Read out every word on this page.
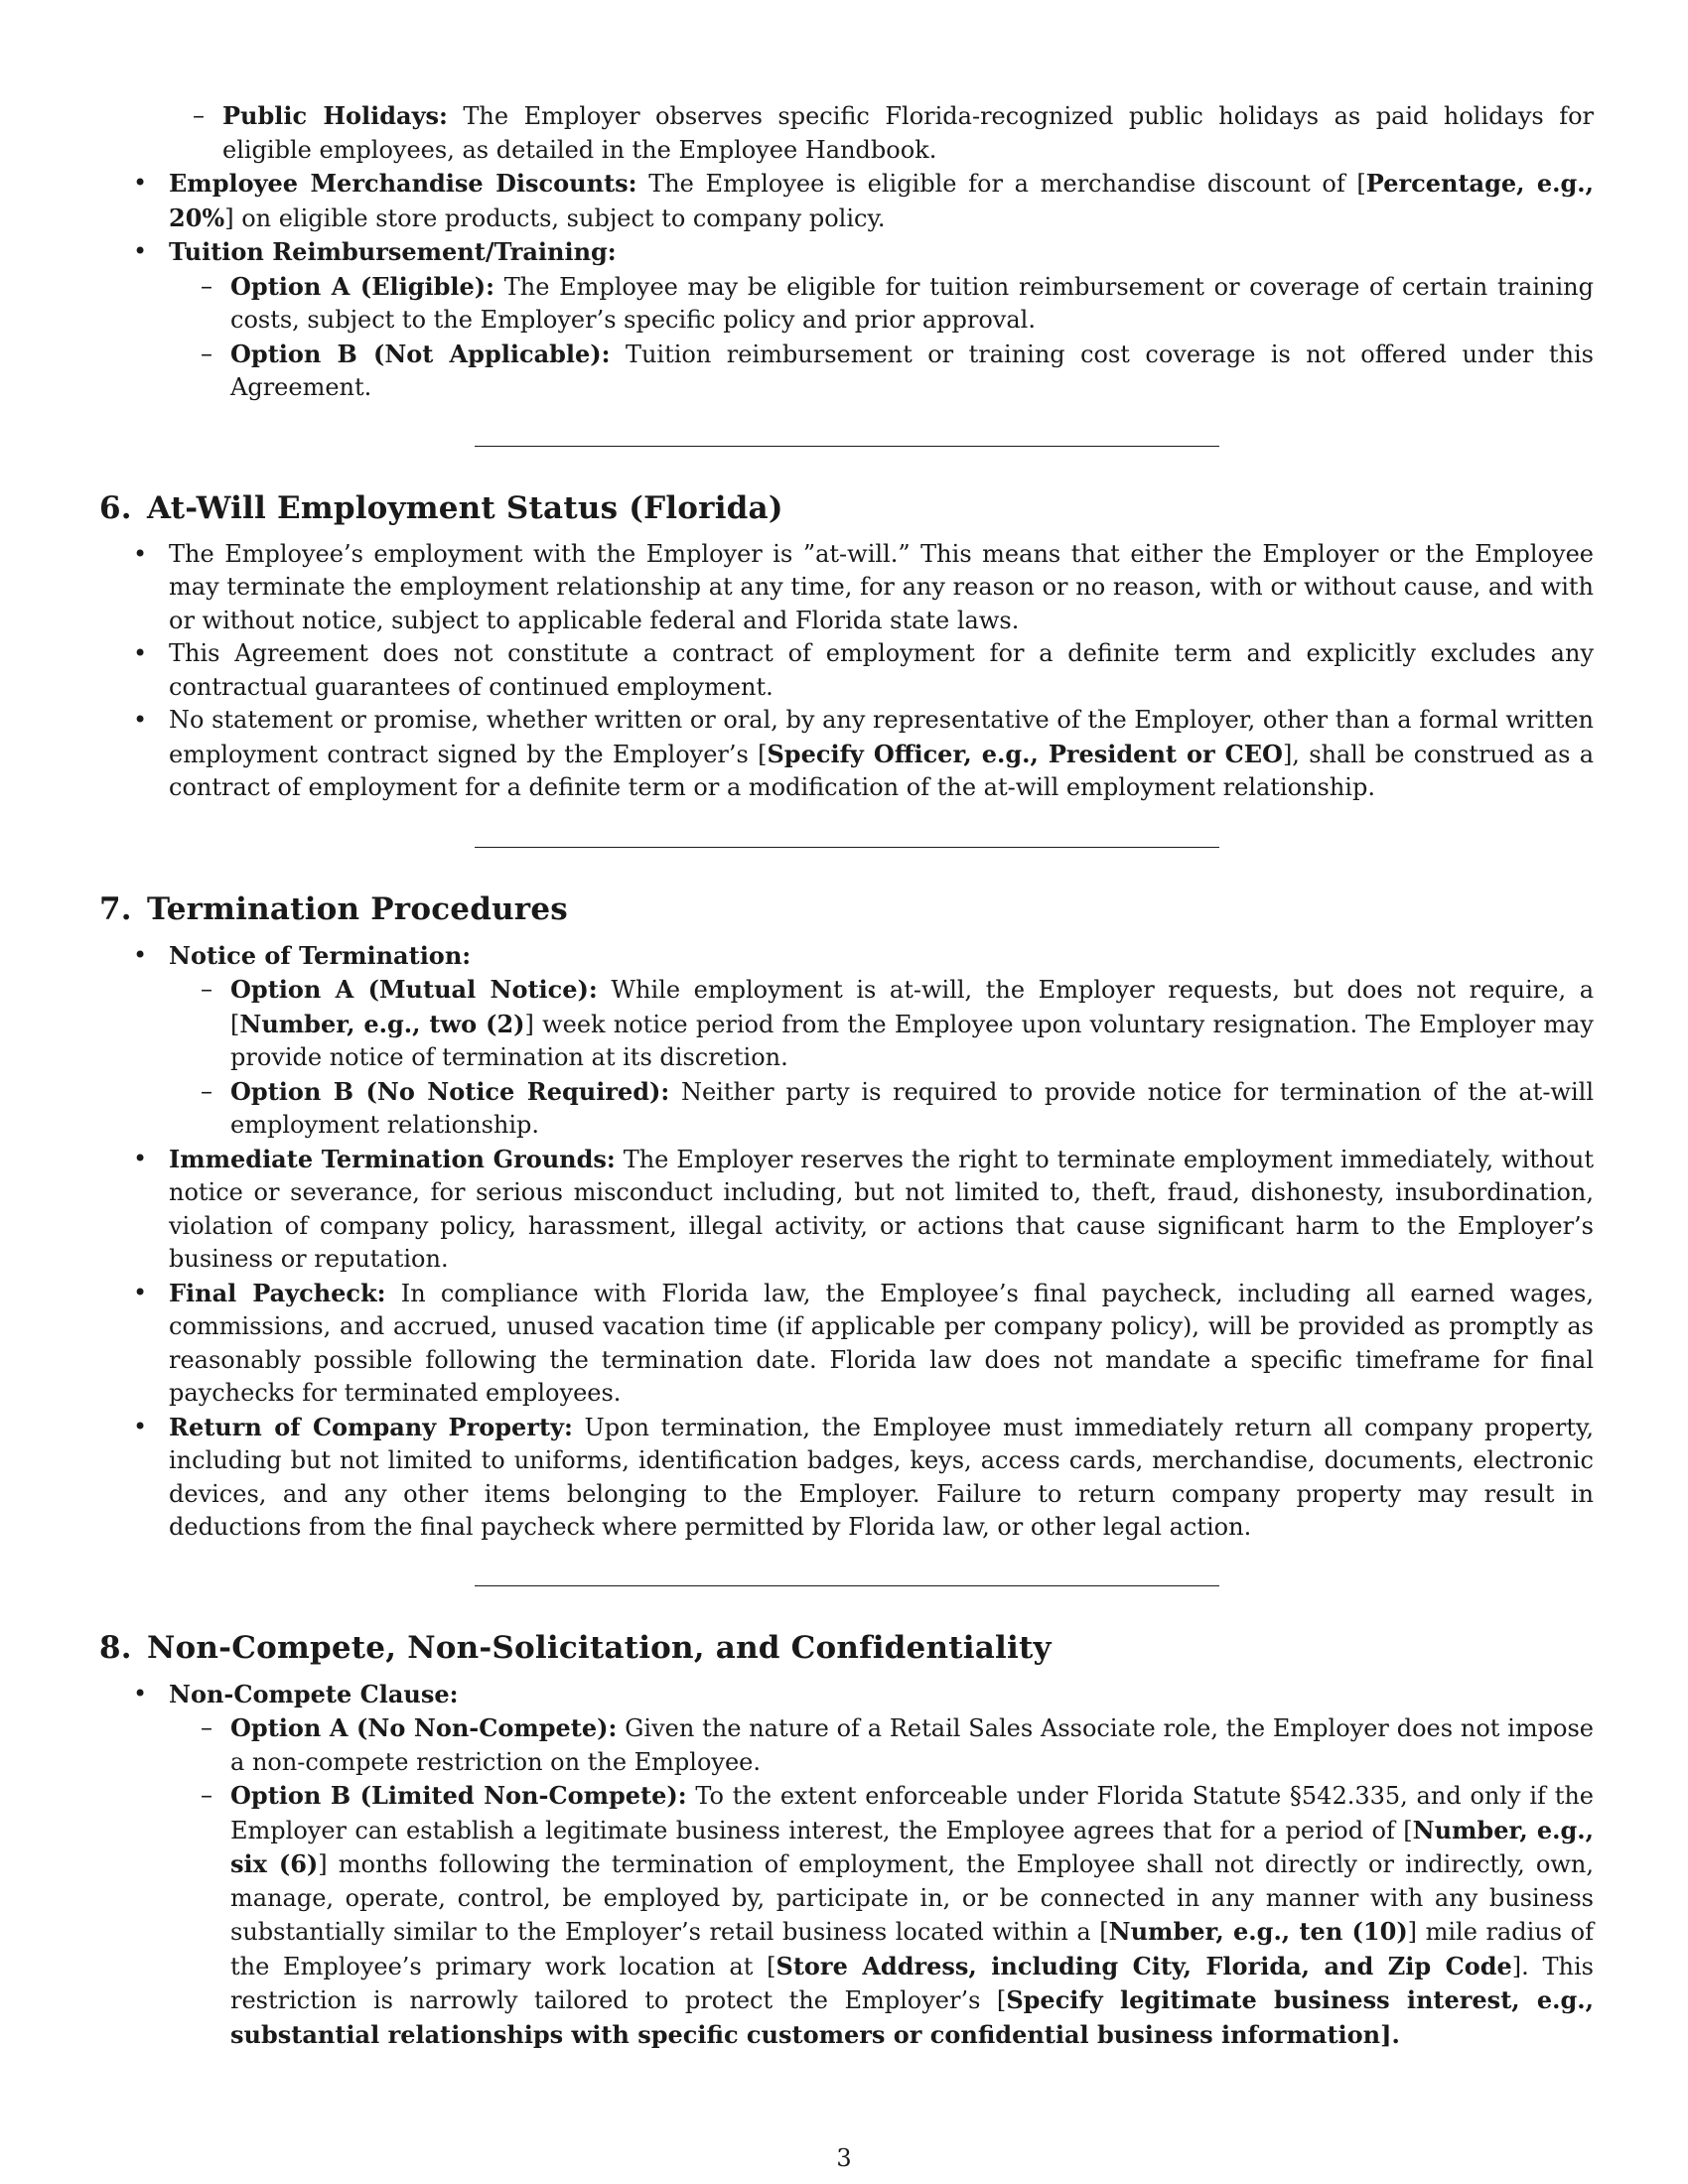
– Public Holidays: The Employer observes specific Florida-recognized public holidays as paid holidays for eligible employees, as detailed in the Employee Handbook.
• Employee Merchandise Discounts: The Employee is eligible for a merchandise discount of [Percentage, e.g., 20%] on eligible store products, subject to company policy.
• Tuition Reimbursement/Training:
– Option A (Eligible): The Employee may be eligible for tuition reimbursement or coverage of certain training costs, subject to the Employer’s specific policy and prior approval.
– Option B (Not Applicable): Tuition reimbursement or training cost coverage is not offered under this Agreement.
6. At-Will Employment Status (Florida)
• The Employee’s employment with the Employer is ”at-will.” This means that either the Employer or the Employee may terminate the employment relationship at any time, for any reason or no reason, with or without cause, and with or without notice, subject to applicable federal and Florida state laws.
• This Agreement does not constitute a contract of employment for a definite term and explicitly excludes any contractual guarantees of continued employment.
• No statement or promise, whether written or oral, by any representative of the Employer, other than a formal written employment contract signed by the Employer’s [Specify Officer, e.g., President or CEO], shall be construed as a contract of employment for a definite term or a modification of the at-will employment relationship.
7. Termination Procedures
• Notice of Termination:
– Option A (Mutual Notice): While employment is at-will, the Employer requests, but does not require, a [Number, e.g., two (2)] week notice period from the Employee upon voluntary resignation. The Employer may provide notice of termination at its discretion.
– Option B (No Notice Required): Neither party is required to provide notice for termination of the at-will employment relationship.
• Immediate Termination Grounds: The Employer reserves the right to terminate employment immediately, without notice or severance, for serious misconduct including, but not limited to, theft, fraud, dishonesty, insubordination, violation of company policy, harassment, illegal activity, or actions that cause significant harm to the Employer’s business or reputation.
• Final Paycheck: In compliance with Florida law, the Employee’s final paycheck, including all earned wages, commissions, and accrued, unused vacation time (if applicable per company policy), will be provided as promptly as reasonably possible following the termination date. Florida law does not mandate a specific timeframe for final paychecks for terminated employees.
• Return of Company Property: Upon termination, the Employee must immediately return all company property, including but not limited to uniforms, identification badges, keys, access cards, merchandise, documents, electronic devices, and any other items belonging to the Employer. Failure to return company property may result in deductions from the final paycheck where permitted by Florida law, or other legal action.
8. Non-Compete, Non-Solicitation, and Confidentiality
• Non-Compete Clause:
– Option A (No Non-Compete): Given the nature of a Retail Sales Associate role, the Employer does not impose a non-compete restriction on the Employee.
– Option B (Limited Non-Compete): To the extent enforceable under Florida Statute §542.335, and only if the Employer can establish a legitimate business interest, the Employee agrees that for a period of [Number, e.g., six (6)] months following the termination of employment, the Employee shall not directly or indirectly, own, manage, operate, control, be employed by, participate in, or be connected in any manner with any business substantially similar to the Employer’s retail business located within a [Number, e.g., ten (10)] mile radius of the Employee’s primary work location at [Store Address, including City, Florida, and Zip Code]. This restriction is narrowly tailored to protect the Employer’s [Specify legitimate business interest, e.g., substantial relationships with specific customers or confidential business information].
3
